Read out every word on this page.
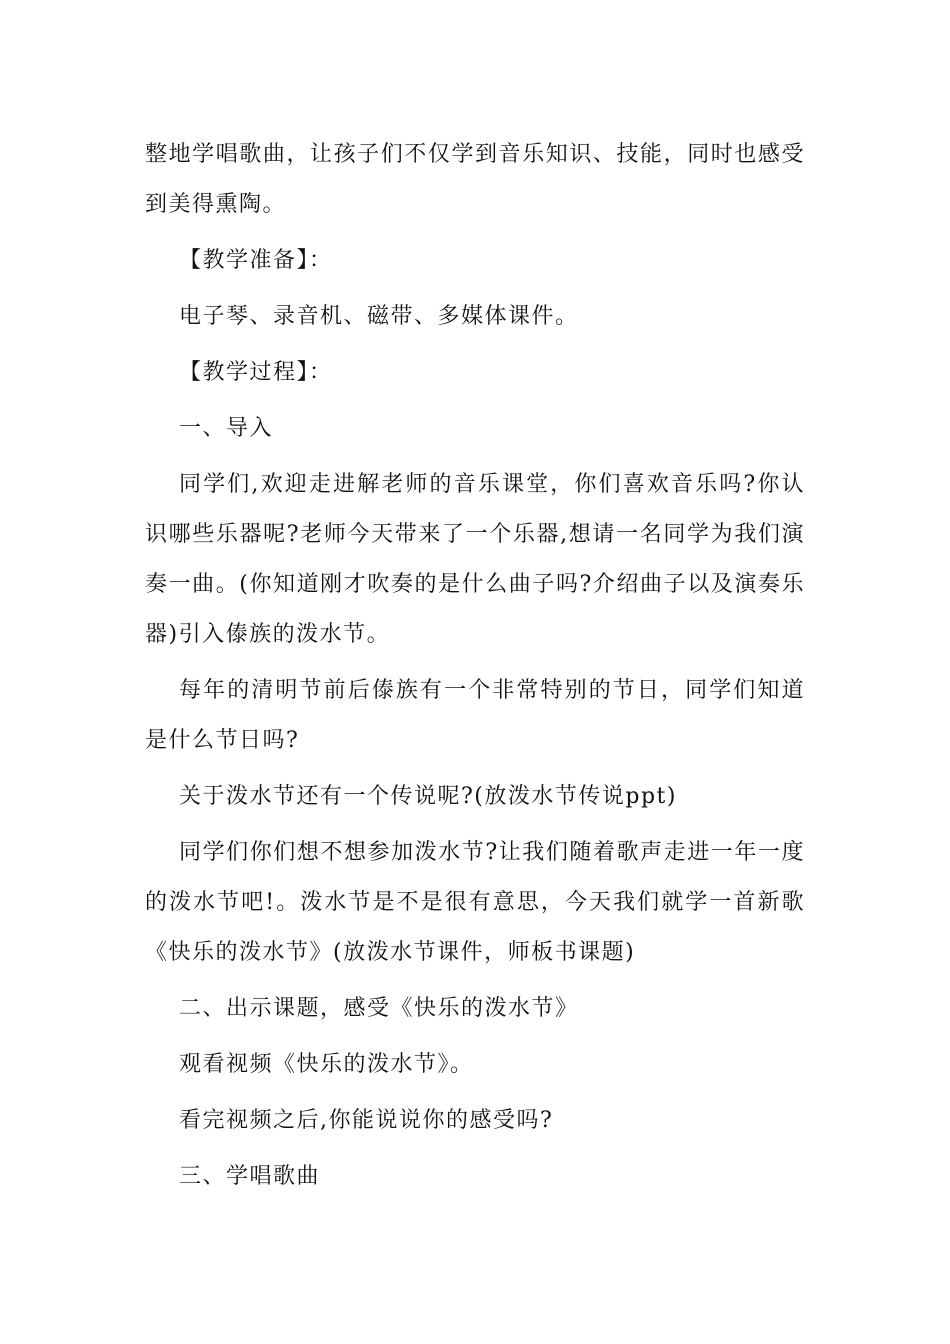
整地学唱歌曲，让孩子们不仅学到音乐知识、技能，同时也感受到美得熏陶。

【教学准备】：

电子琴、录音机、磁带、多媒体课件。

【教学过程】：

一、导入

同学们,欢迎走进解老师的音乐课堂，你们喜欢音乐吗?你认识哪些乐器呢?老师今天带来了一个乐器,想请一名同学为我们演奏一曲。(你知道刚才吹奏的是什么曲子吗?介绍曲子以及演奏乐器)引入傣族的泼水节。

每年的清明节前后傣族有一个非常特别的节日，同学们知道是什么节日吗?

关于泼水节还有一个传说呢?(放泼水节传说ppt)

同学们你们想不想参加泼水节?让我们随着歌声走进一年一度的泼水节吧!。泼水节是不是很有意思，今天我们就学一首新歌《快乐的泼水节》(放泼水节课件，师板书课题)

二、出示课题，感受《快乐的泼水节》

观看视频《快乐的泼水节》。

看完视频之后,你能说说你的感受吗?

三、学唱歌曲
